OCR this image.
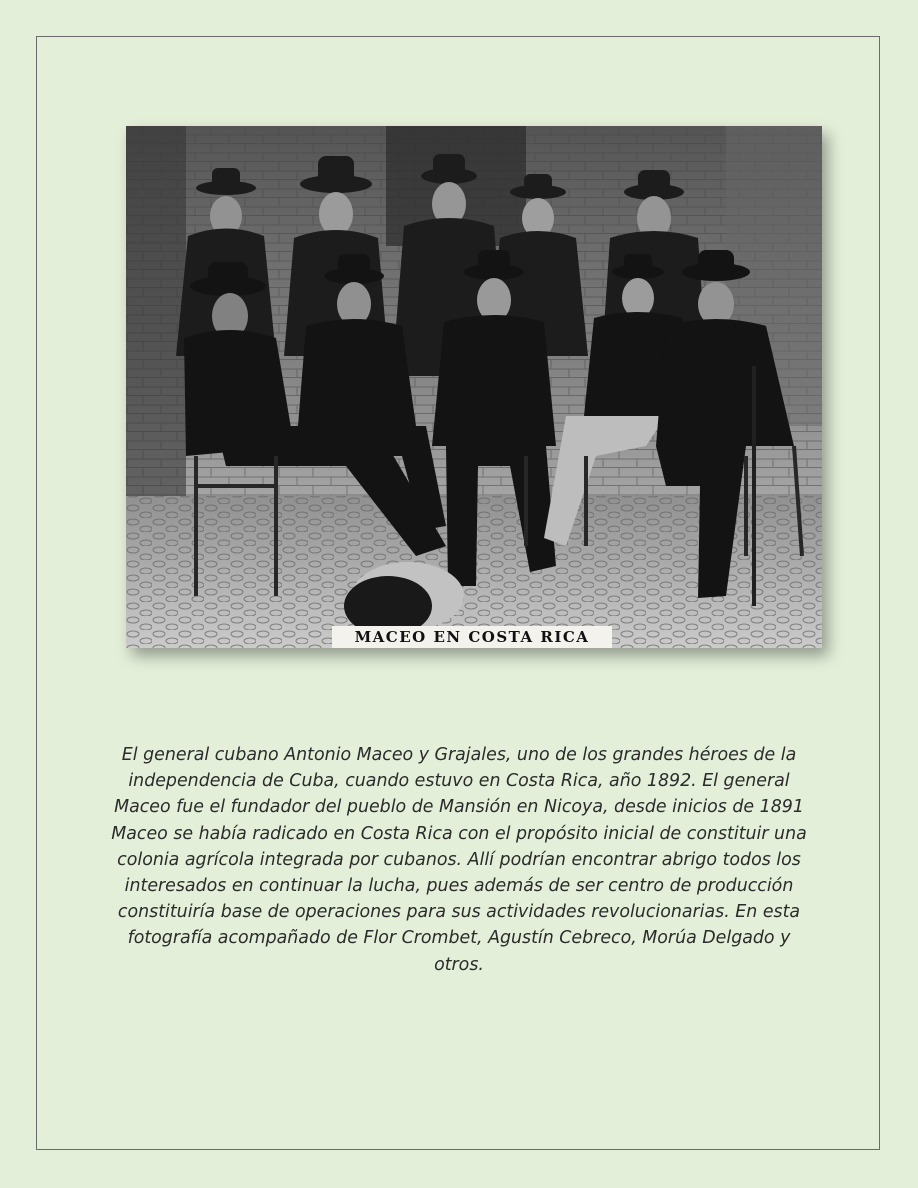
MACEO EN COSTA RICA

El general cubano Antonio Maceo y Grajales, uno de los grandes héroes de la independencia de Cuba, cuando estuvo en Costa Rica, año 1892. El general Maceo fue el fundador del pueblo de Mansión en Nicoya, desde inicios de 1891 Maceo se había radicado en Costa Rica con el propósito inicial de constituir una colonia agrícola integrada por cubanos. Allí podrían encontrar abrigo todos los interesados en continuar la lucha, pues además de ser centro de producción constituiría base de operaciones para sus actividades revolucionarias. En esta fotografía acompañado de Flor Crombet, Agustín Cebreco, Morúa Delgado y otros.
